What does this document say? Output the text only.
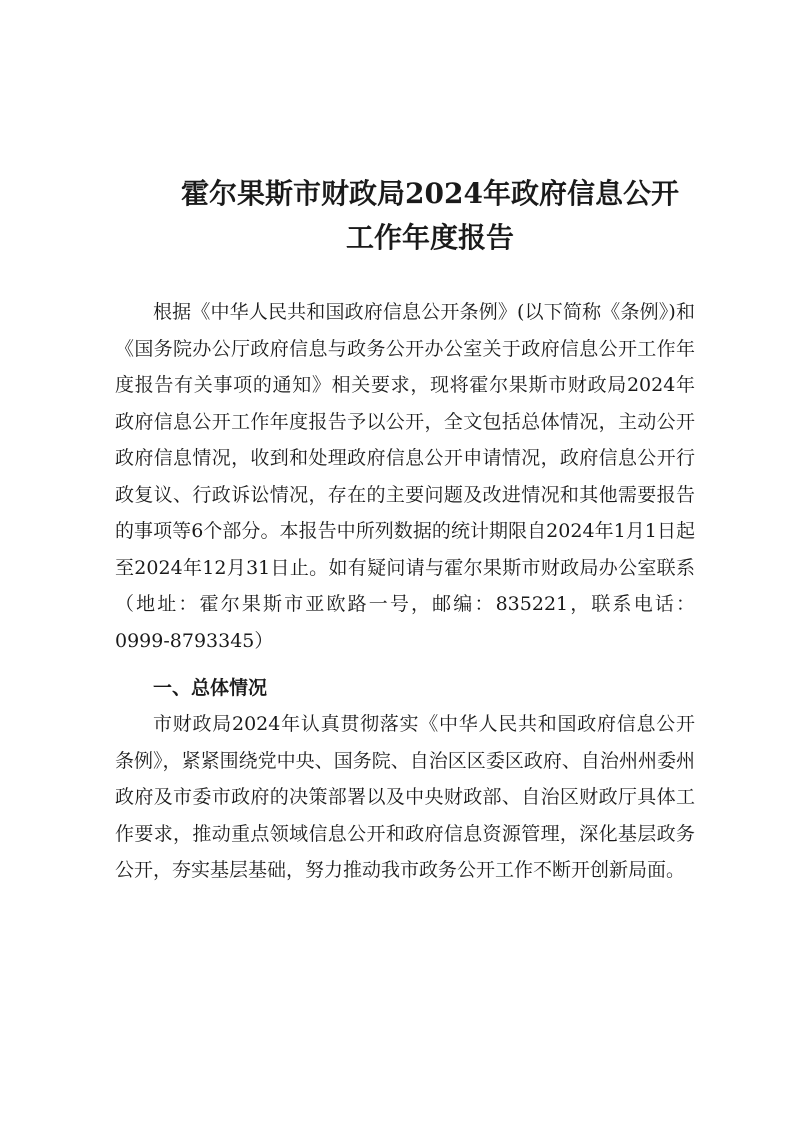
霍尔果斯市财政局2024年政府信息公开
工作年度报告

根据《中华人民共和国政府信息公开条例》(以下简称《条例》)和《国务院办公厅政府信息与政务公开办公室关于政府信息公开工作年度报告有关事项的通知》相关要求，现将霍尔果斯市财政局2024年政府信息公开工作年度报告予以公开，全文包括总体情况，主动公开政府信息情况，收到和处理政府信息公开申请情况，政府信息公开行政复议、行政诉讼情况，存在的主要问题及改进情况和其他需要报告的事项等6个部分。本报告中所列数据的统计期限自2024年1月1日起至2024年12月31日止。如有疑问请与霍尔果斯市财政局办公室联系（地址：霍尔果斯市亚欧路一号，邮编：835221，联系电话：0999-8793345）

一、总体情况

市财政局2024年认真贯彻落实《中华人民共和国政府信息公开条例》，紧紧围绕党中央、国务院、自治区区委区政府、自治州州委州政府及市委市政府的决策部署以及中央财政部、自治区财政厅具体工作要求，推动重点领域信息公开和政府信息资源管理，深化基层政务公开，夯实基层基础，努力推动我市政务公开工作不断开创新局面。
